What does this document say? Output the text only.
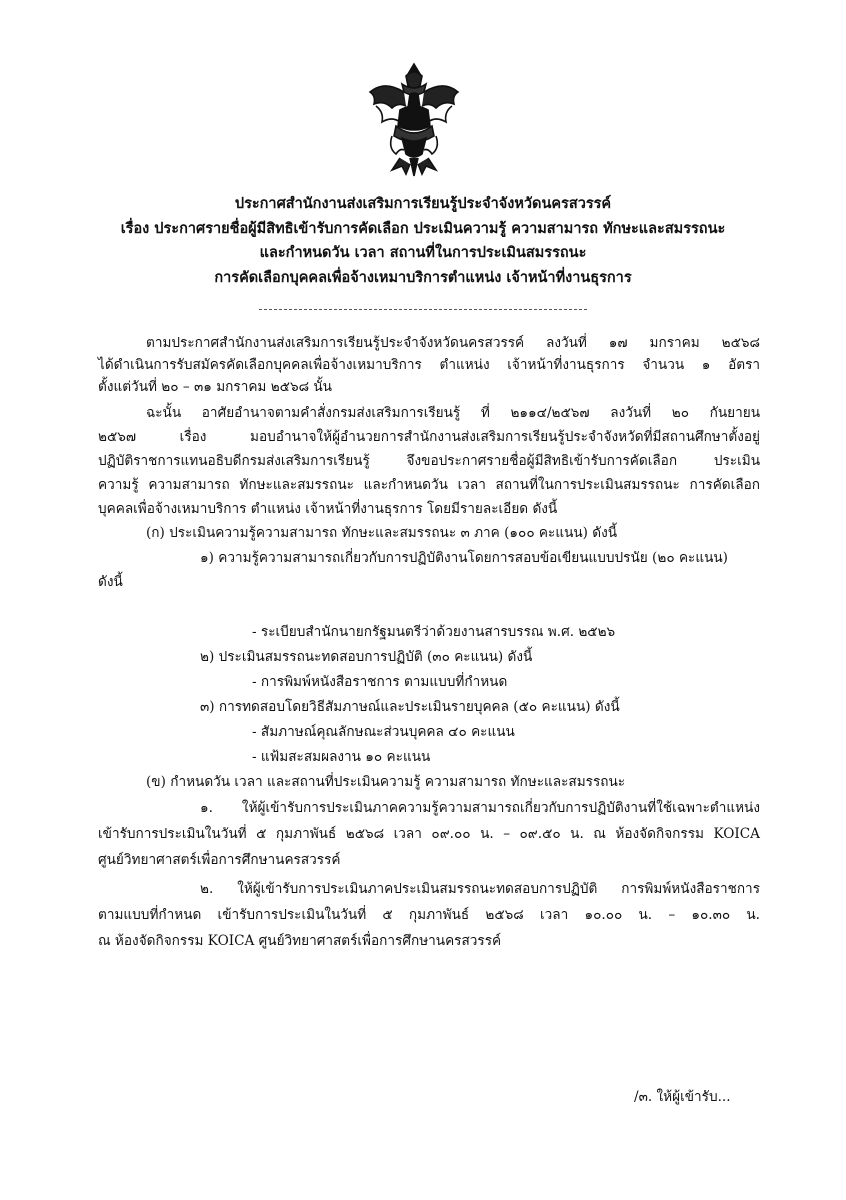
ประกาศสำนักงานส่งเสริมการเรียนรู้ประจำจังหวัดนครสวรรค์
เรื่อง ประกาศรายชื่อผู้มีสิทธิเข้ารับการคัดเลือก ประเมินความรู้ ความสามารถ ทักษะและสมรรถนะ
และกำหนดวัน เวลา สถานที่ในการประเมินสมรรถนะ
การคัดเลือกบุคคลเพื่อจ้างเหมาบริการตำแหน่ง เจ้าหน้าที่งานธุรการ
ตามประกาศสำนักงานส่งเสริมการเรียนรู้ประจำจังหวัดนครสวรรค์ ลงวันที่ ๑๗ มกราคม ๒๕๖๘
ได้ดำเนินการรับสมัครคัดเลือกบุคคลเพื่อจ้างเหมาบริการ ตำแหน่ง เจ้าหน้าที่งานธุรการ จำนวน ๑ อัตรา
ตั้งแต่วันที่ ๒๐ – ๓๑ มกราคม ๒๕๖๘ นั้น
ฉะนั้น อาศัยอำนาจตามคำสั่งกรมส่งเสริมการเรียนรู้ ที่ ๒๑๑๔/๒๕๖๗ ลงวันที่ ๒๐ กันยายน
๒๕๖๗ เรื่อง มอบอำนาจให้ผู้อำนวยการสำนักงานส่งเสริมการเรียนรู้ประจำจังหวัดที่มีสถานศึกษาตั้งอยู่
ปฏิบัติราชการแทนอธิบดีกรมส่งเสริมการเรียนรู้ จึงขอประกาศรายชื่อผู้มีสิทธิเข้ารับการคัดเลือก ประเมิน
ความรู้ ความสามารถ ทักษะและสมรรถนะ และกำหนดวัน เวลา สถานที่ในการประเมินสมรรถนะ การคัดเลือก
บุคคลเพื่อจ้างเหมาบริการ ตำแหน่ง เจ้าหน้าที่งานธุรการ โดยมีรายละเอียด ดังนี้
(ก) ประเมินความรู้ความสามารถ ทักษะและสมรรถนะ ๓ ภาค (๑๐๐ คะแนน) ดังนี้
๑) ความรู้ความสามารถเกี่ยวกับการปฏิบัติงานโดยการสอบข้อเขียนแบบปรนัย (๒๐ คะแนน)
ดังนี้
- ระเบียบสำนักนายกรัฐมนตรีว่าด้วยงานสารบรรณ พ.ศ. ๒๕๒๖
๒) ประเมินสมรรถนะทดสอบการปฏิบัติ (๓๐ คะแนน) ดังนี้
- การพิมพ์หนังสือราชการ ตามแบบที่กำหนด
๓) การทดสอบโดยวิธีสัมภาษณ์และประเมินรายบุคคล (๕๐ คะแนน) ดังนี้
- สัมภาษณ์คุณลักษณะส่วนบุคคล ๔๐ คะแนน
- แฟ้มสะสมผลงาน ๑๐ คะแนน
(ข) กำหนดวัน เวลา และสถานที่ประเมินความรู้ ความสามารถ ทักษะและสมรรถนะ
๑. ให้ผู้เข้ารับการประเมินภาคความรู้ความสามารถเกี่ยวกับการปฏิบัติงานที่ใช้เฉพาะตำแหน่ง
เข้ารับการประเมินในวันที่ ๕ กุมภาพันธ์ ๒๕๖๘ เวลา ๐๙.๐๐ น. – ๐๙.๕๐ น. ณ ห้องจัดกิจกรรม KOICA
ศูนย์วิทยาศาสตร์เพื่อการศึกษานครสวรรค์
๒. ให้ผู้เข้ารับการประเมินภาคประเมินสมรรถนะทดสอบการปฏิบัติ การพิมพ์หนังสือราชการ
ตามแบบที่กำหนด เข้ารับการประเมินในวันที่ ๕ กุมภาพันธ์ ๒๕๖๘ เวลา ๑๐.๐๐ น. – ๑๐.๓๐ น.
ณ ห้องจัดกิจกรรม KOICA ศูนย์วิทยาศาสตร์เพื่อการศึกษานครสวรรค์
/๓. ให้ผู้เข้ารับ...
